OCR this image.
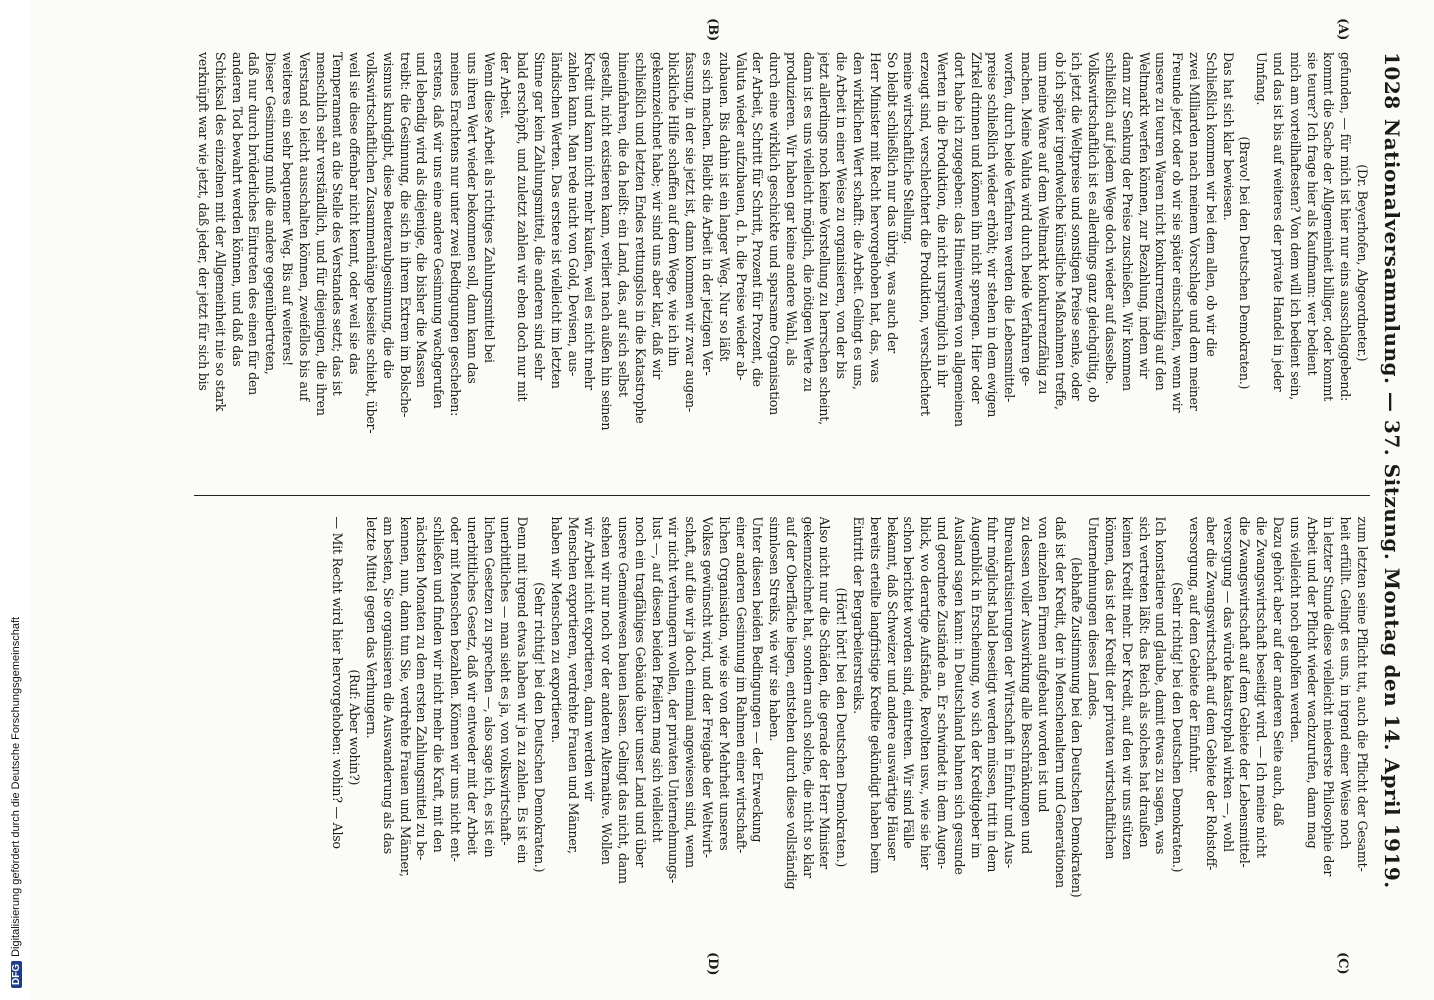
DFGDigitalisierung gefördert durch die Deutsche Forschungsgemeinschaft
1028
Nationalversammlung. — 37. Sitzung. Montag den 14. April 1919.
(Dr. Beyerhofen, Abgeordneter.)
gefunden, — für mich ist hier nur eins ausschlaggebend:
kommt die Sache der Allgemeinheit billiger, oder kommt
sie teurer? Ich frage hier als Kaufmann: wer bedient
mich am vorteilhaftesten? Von dem will ich bedient sein,
und das ist bis auf weiteres der private Handel in jeder
Umfang.
(Bravo! bei den Deutschen Demokraten.)
Das hat sich klar bewiesen.
Schließlich kommen wir bei dem allen, ob wir die
zwei Milliarden nach meinem Vorschlage und dem meiner
Freunde jetzt oder ob wir sie später einschalten, wenn wir
unsere zu teuren Waren nicht konkurrenzfähig auf den
Weltmarkt werfen können, zur Bezahlung, indem wir
dann zur Senkung der Preise zuschießen. Wir kommen
schließlich auf jedem Wege doch wieder auf dasselbe.
Volkswirtschaftlich ist es allerdings ganz gleichgültig, ob
ich jetzt die Weltpreise und sonstigen Preise senke, oder
ob ich später irgendwelche künstliche Maßnahmen treffe,
um meine Ware auf dem Weltmarkt konkurrenzfähig zu
machen. Meine Valuta wird durch beide Verfahren ge-
worfen, durch beide Verfahren werden die Lebensmittel-
preise schließlich wieder erhöht; wir stehen in dem ewigen
Zirkel drinnen und können ihn nicht sprengen. Hier oder
dort habe ich zugegeben: das Hineinwerfen von allgemeinen
Werten in die Produktion, die nicht ursprünglich in ihr
erzeugt sind, verschlechtert die Produktion, verschlechtert
meine wirtschaftliche Stellung.
So bleibt schließlich nur das übrig, was auch der
Herr Minister mit Recht hervorgehoben hat, das, was
den wirklichen Wert schafft: die Arbeit. Gelingt es uns,
die Arbeit in einer Weise zu organisieren, von der bis
jetzt allerdings noch keine Vorstellung zu herrschen scheint,
dann ist es uns vielleicht möglich, die nötigen Werte zu
produzieren. Wir haben gar keine andere Wahl, als
durch eine wirklich geschickte und sparsame Organisation
der Arbeit, Schritt für Schritt, Prozent für Prozent, die
Valuta wieder aufzubauen, d. h. die Preise wieder ab-
zubauen. Bis dahin ist ein langer Weg. Nur so läßt
es sich machen. Bleibt die Arbeit in der jetzigen Ver-
fassung, in der sie jetzt ist, dann kommen wir zwar augen-
blickliche Hilfe schaffen auf dem Wege, wie ich ihn
gekennzeichnet habe; wir sind uns aber klar, daß wir
schließlich und letzten Endes rettungslos in die Katastrophe
hineinfahren, die da heißt: ein Land, das, auf sich selbst
gestellt, nicht existieren kann, verliert nach außen hin seinen
Kredit und kann nicht mehr kaufen, weil es nicht mehr
zahlen kann. Man rede nicht von Gold, Devisen, aus-
ländischen Werten. Das erstere ist vielleicht im letzten
Sinne gar kein Zahlungsmittel, die anderen sind sehr
bald erschöpft, und zuletzt zahlen wir eben doch nur mit
der Arbeit.
Wenn diese Arbeit als richtiges Zahlungsmittel bei
uns ihren Wert wieder bekommen soll, dann kann das
meines Erachtens nur unter zwei Bedingungen geschehen:
erstens, daß wir uns eine andere Gesinnung wachgerufen
und lebendig wird als diejenige, die bisher die Massen
treibt: die Gesinnung, die sich in ihrem Extrem im Bolsche-
wismus kundgibt, diese Beuteraubgesinnung, die die
volkswirtschaftlichen Zusammenhänge beiseite schiebt, über-
weil sie diese offenbar nicht kennt, oder weil sie das
Temperament an die Stelle des Verstandes setzt; das ist
menschlich sehr verständlich, und für diejenigen, die ihren
Verstand so leicht ausschalten können, zweifellos bis auf
weiteres ein sehr bequemer Weg. Bis auf weiteres!
Dieser Gesinnung muß die andere gegenübertreten,
daß nur durch brüderliches Eintreten des einen für den
anderen Tod bewahrt werden können, und daß das
Schicksal des einzelnen mit der Allgemeinheit nie so stark
verknüpft war wie jetzt, daß jeder, der jetzt für sich bis
zum letzten seine Pflicht tut, auch die Pflicht der Gesamt-
heit erfüllt. Gelingt es uns, in irgend einer Weise noch
in letzter Stunde diese vielleicht niederste Philosophie der
Arbeit und der Pflicht wieder wachzurufen, dann mag
uns vielleicht noch geholfen werden.
Dazu gehört aber auf der anderen Seite auch, daß
die Zwangswirtschaft beseitigt wird. — Ich meine nicht
die Zwangswirtschaft auf dem Gebiete der Lebensmittel-
versorgung — das würde katastrophal wirken —, wohl
aber die Zwangswirtschaft auf dem Gebiete der Rohstoff-
versorgung, auf dem Gebiete der Einfuhr.
(Sehr richtig! bei den Deutschen Demokraten.)
Ich konstatiere und glaube, damit etwas zu sagen, was
sich vertreten läßt: das Reich als solches hat draußen
keinen Kredit mehr. Der Kredit, auf den wir uns stützen
können, das ist der Kredit der privaten wirtschaftlichen
Unternehmungen dieses Landes.
(lebhafte Zustimmung bei den Deutschen Demokraten)
daß ist der Kredit, der in Menschenaltern und Generationen
von einzelnen Firmen aufgebaut worden ist und
zu dessen voller Auswirkung alle Beschränkungen und
Bureaukratisierungen der Wirtschaft in Einfuhr und Aus-
fuhr möglichst bald beseitigt werden müssen, tritt in dem
Augenblick in Erscheinung, wo sich der Kreditgeber im
Ausland sagen kann: in Deutschland bahnen sich gesunde
und geordnete Zustände an. Er schwindet in dem Augen-
blick, wo derartige Aufstände, Revolten usw., wie sie hier
schon berichtet worden sind, eintreten. Wir sind Fälle
bekannt, daß Schweizer und andere auswärtige Häuser
bereits erteilte langfristige Kredite gekündigt haben beim
Eintritt der Bergarbeiterstreiks.
(Hört! hört! bei den Deutschen Demokraten.)
Also nicht nur die Schäden, die gerade der Herr Minister
gekennzeichnet hat, sondern auch solche, die nicht so klar
auf der Oberfläche liegen, entstehen durch diese vollständig
sinnlosen Streiks, wie wir sie haben.
Unter diesen beiden Bedingungen — der Erweckung
einer anderen Gesinnung im Rahmen einer wirtschaft-
lichen Organisation, wie sie von der Mehrheit unseres
Volkes gewünscht wird, und der Freigabe der Weltwirt-
schaft, auf die wir ja doch einmal angewiesen sind, wenn
wir nicht verhungern wollen, der privaten Unternehmungs-
lust —, auf diesen beiden Pfeilern mag sich vielleicht
noch ein tragfähiges Gebäude über unser Land und über
unsere Gemeinwesen bauen lassen. Gelingt das nicht, dann
stehen wir nur noch vor der anderen Alternative. Wollen
wir Arbeit nicht exportieren, dann werden wir
Menschen exportieren, verdrehte Frauen und Männer,
haben wir Menschen zu exportieren.
(Sehr richtig! bei den Deutschen Demokraten.)
Denn mit irgend etwas haben wir ja zu zahlen. Es ist ein
unerbittliches — man sieht es ja, von volkswirtschaft-
lichen Gesetzen zu sprechen —, also sage ich, es ist ein
unerbittliches Gesetz, daß wir entweder mit der Arbeit
oder mit Menschen bezahlen. Können wir uns nicht ent-
schließen und finden wir nicht mehr die Kraft, mit den
nächsten Monaten zu dem ersten Zahlungsmittel zu be-
kennen, nun, dann tun Sie, verdrehte Frauen und Männer,
am besten, Sie organisieren die Auswanderung als das
letzte Mittel gegen das Verhungern.
(Ruf: Aber wohin?)
— Mit Recht wird hier hervorgehoben: wohin? — Also
(A)
(B)
(C)
(D)
